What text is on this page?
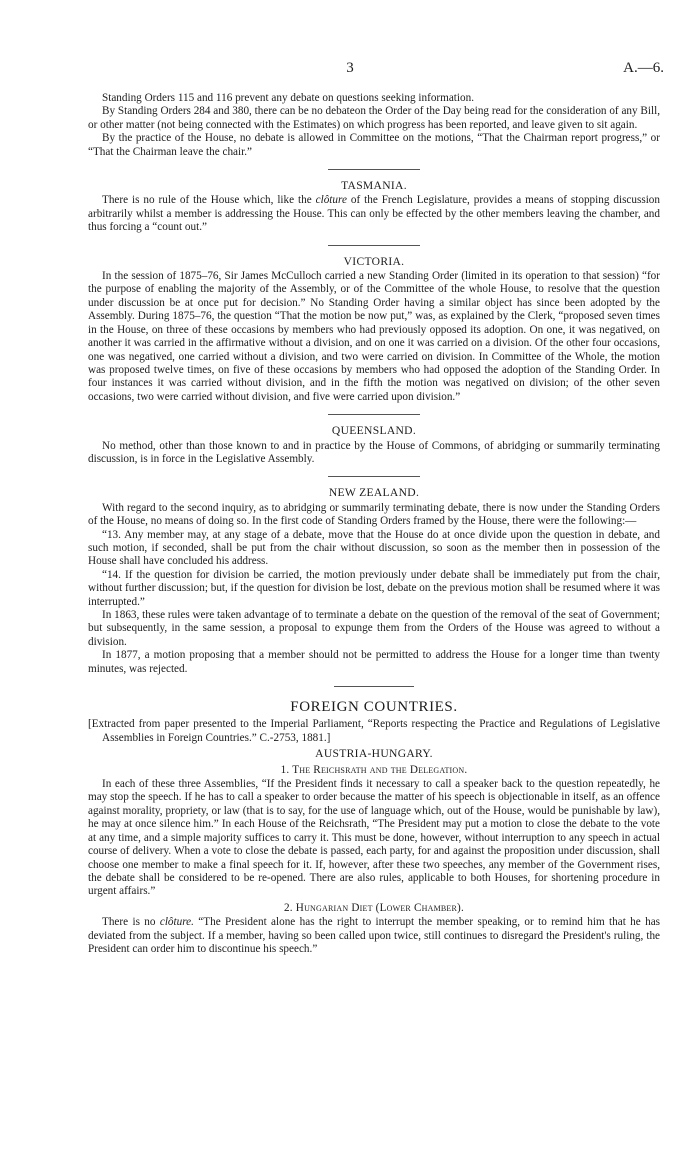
3	A.—6.

Standing Orders 115 and 116 prevent any debate on questions seeking information.

By Standing Orders 284 and 380, there can be no debateon the Order of the Day being read for the consideration of any Bill, or other matter (not being connected with the Estimates) on which progress has been reported, and leave given to sit again.

By the practice of the House, no debate is allowed in Committee on the motions, “That the Chairman report progress,” or “That the Chairman leave the chair.”

TASMANIA.

There is no rule of the House which, like the clôture of the French Legislature, provides a means of stopping discussion arbitrarily whilst a member is addressing the House. This can only be effected by the other members leaving the chamber, and thus forcing a “count out.”

VICTORIA.

In the session of 1875–76, Sir James McCulloch carried a new Standing Order (limited in its operation to that session) “for the purpose of enabling the majority of the Assembly, or of the Committee of the whole House, to resolve that the question under discussion be at once put for decision.” No Standing Order having a similar object has since been adopted by the Assembly. During 1875–76, the question “That the motion be now put,” was, as explained by the Clerk, “proposed seven times in the House, on three of these occasions by members who had previously opposed its adoption. On one, it was negatived, on another it was carried in the affirmative without a division, and on one it was carried on a division. Of the other four occasions, one was negatived, one carried without a division, and two were carried on division. In Committee of the Whole, the motion was proposed twelve times, on five of these occasions by members who had opposed the adoption of the Standing Order. In four instances it was carried without division, and in the fifth the motion was negatived on division; of the other seven occasions, two were carried without division, and five were carried upon division.”

QUEENSLAND.

No method, other than those known to and in practice by the House of Commons, of abridging or summarily terminating discussion, is in force in the Legislative Assembly.

NEW ZEALAND.

With regard to the second inquiry, as to abridging or summarily terminating debate, there is now under the Standing Orders of the House, no means of doing so. In the first code of Standing Orders framed by the House, there were the following:—

“13. Any member may, at any stage of a debate, move that the House do at once divide upon the question in debate, and such motion, if seconded, shall be put from the chair without discussion, so soon as the member then in possession of the House shall have concluded his address.

“14. If the question for division be carried, the motion previously under debate shall be immediately put from the chair, without further discussion; but, if the question for division be lost, debate on the previous motion shall be resumed where it was interrupted.”

In 1863, these rules were taken advantage of to terminate a debate on the question of the removal of the seat of Government; but subsequently, in the same session, a proposal to expunge them from the Orders of the House was agreed to without a division.

In 1877, a motion proposing that a member should not be permitted to address the House for a longer time than twenty minutes, was rejected.

FOREIGN COUNTRIES.

[Extracted from paper presented to the Imperial Parliament, “Reports respecting the Practice and Regulations of Legislative Assemblies in Foreign Countries.” C.-2753, 1881.]

AUSTRIA-HUNGARY.
1. The Reichsrath and the Delegation.

In each of these three Assemblies, “If the President finds it necessary to call a speaker back to the question repeatedly, he may stop the speech. If he has to call a speaker to order because the matter of his speech is objectionable in itself, as an offence against morality, propriety, or law (that is to say, for the use of language which, out of the House, would be punishable by law), he may at once silence him.” In each House of the Reichsrath, “The President may put a motion to close the debate to the vote at any time, and a simple majority suffices to carry it. This must be done, however, without interruption to any speech in actual course of delivery. When a vote to close the debate is passed, each party, for and against the proposition under discussion, shall choose one member to make a final speech for it. If, however, after these two speeches, any member of the Government rises, the debate shall be considered to be re-opened. There are also rules, applicable to both Houses, for shortening procedure in urgent affairs.”

2. Hungarian Diet (Lower Chamber).

There is no clôture. “The President alone has the right to interrupt the member speaking, or to remind him that he has deviated from the subject. If a member, having so been called upon twice, still continues to disregard the President's ruling, the President can order him to discontinue his speech.”
